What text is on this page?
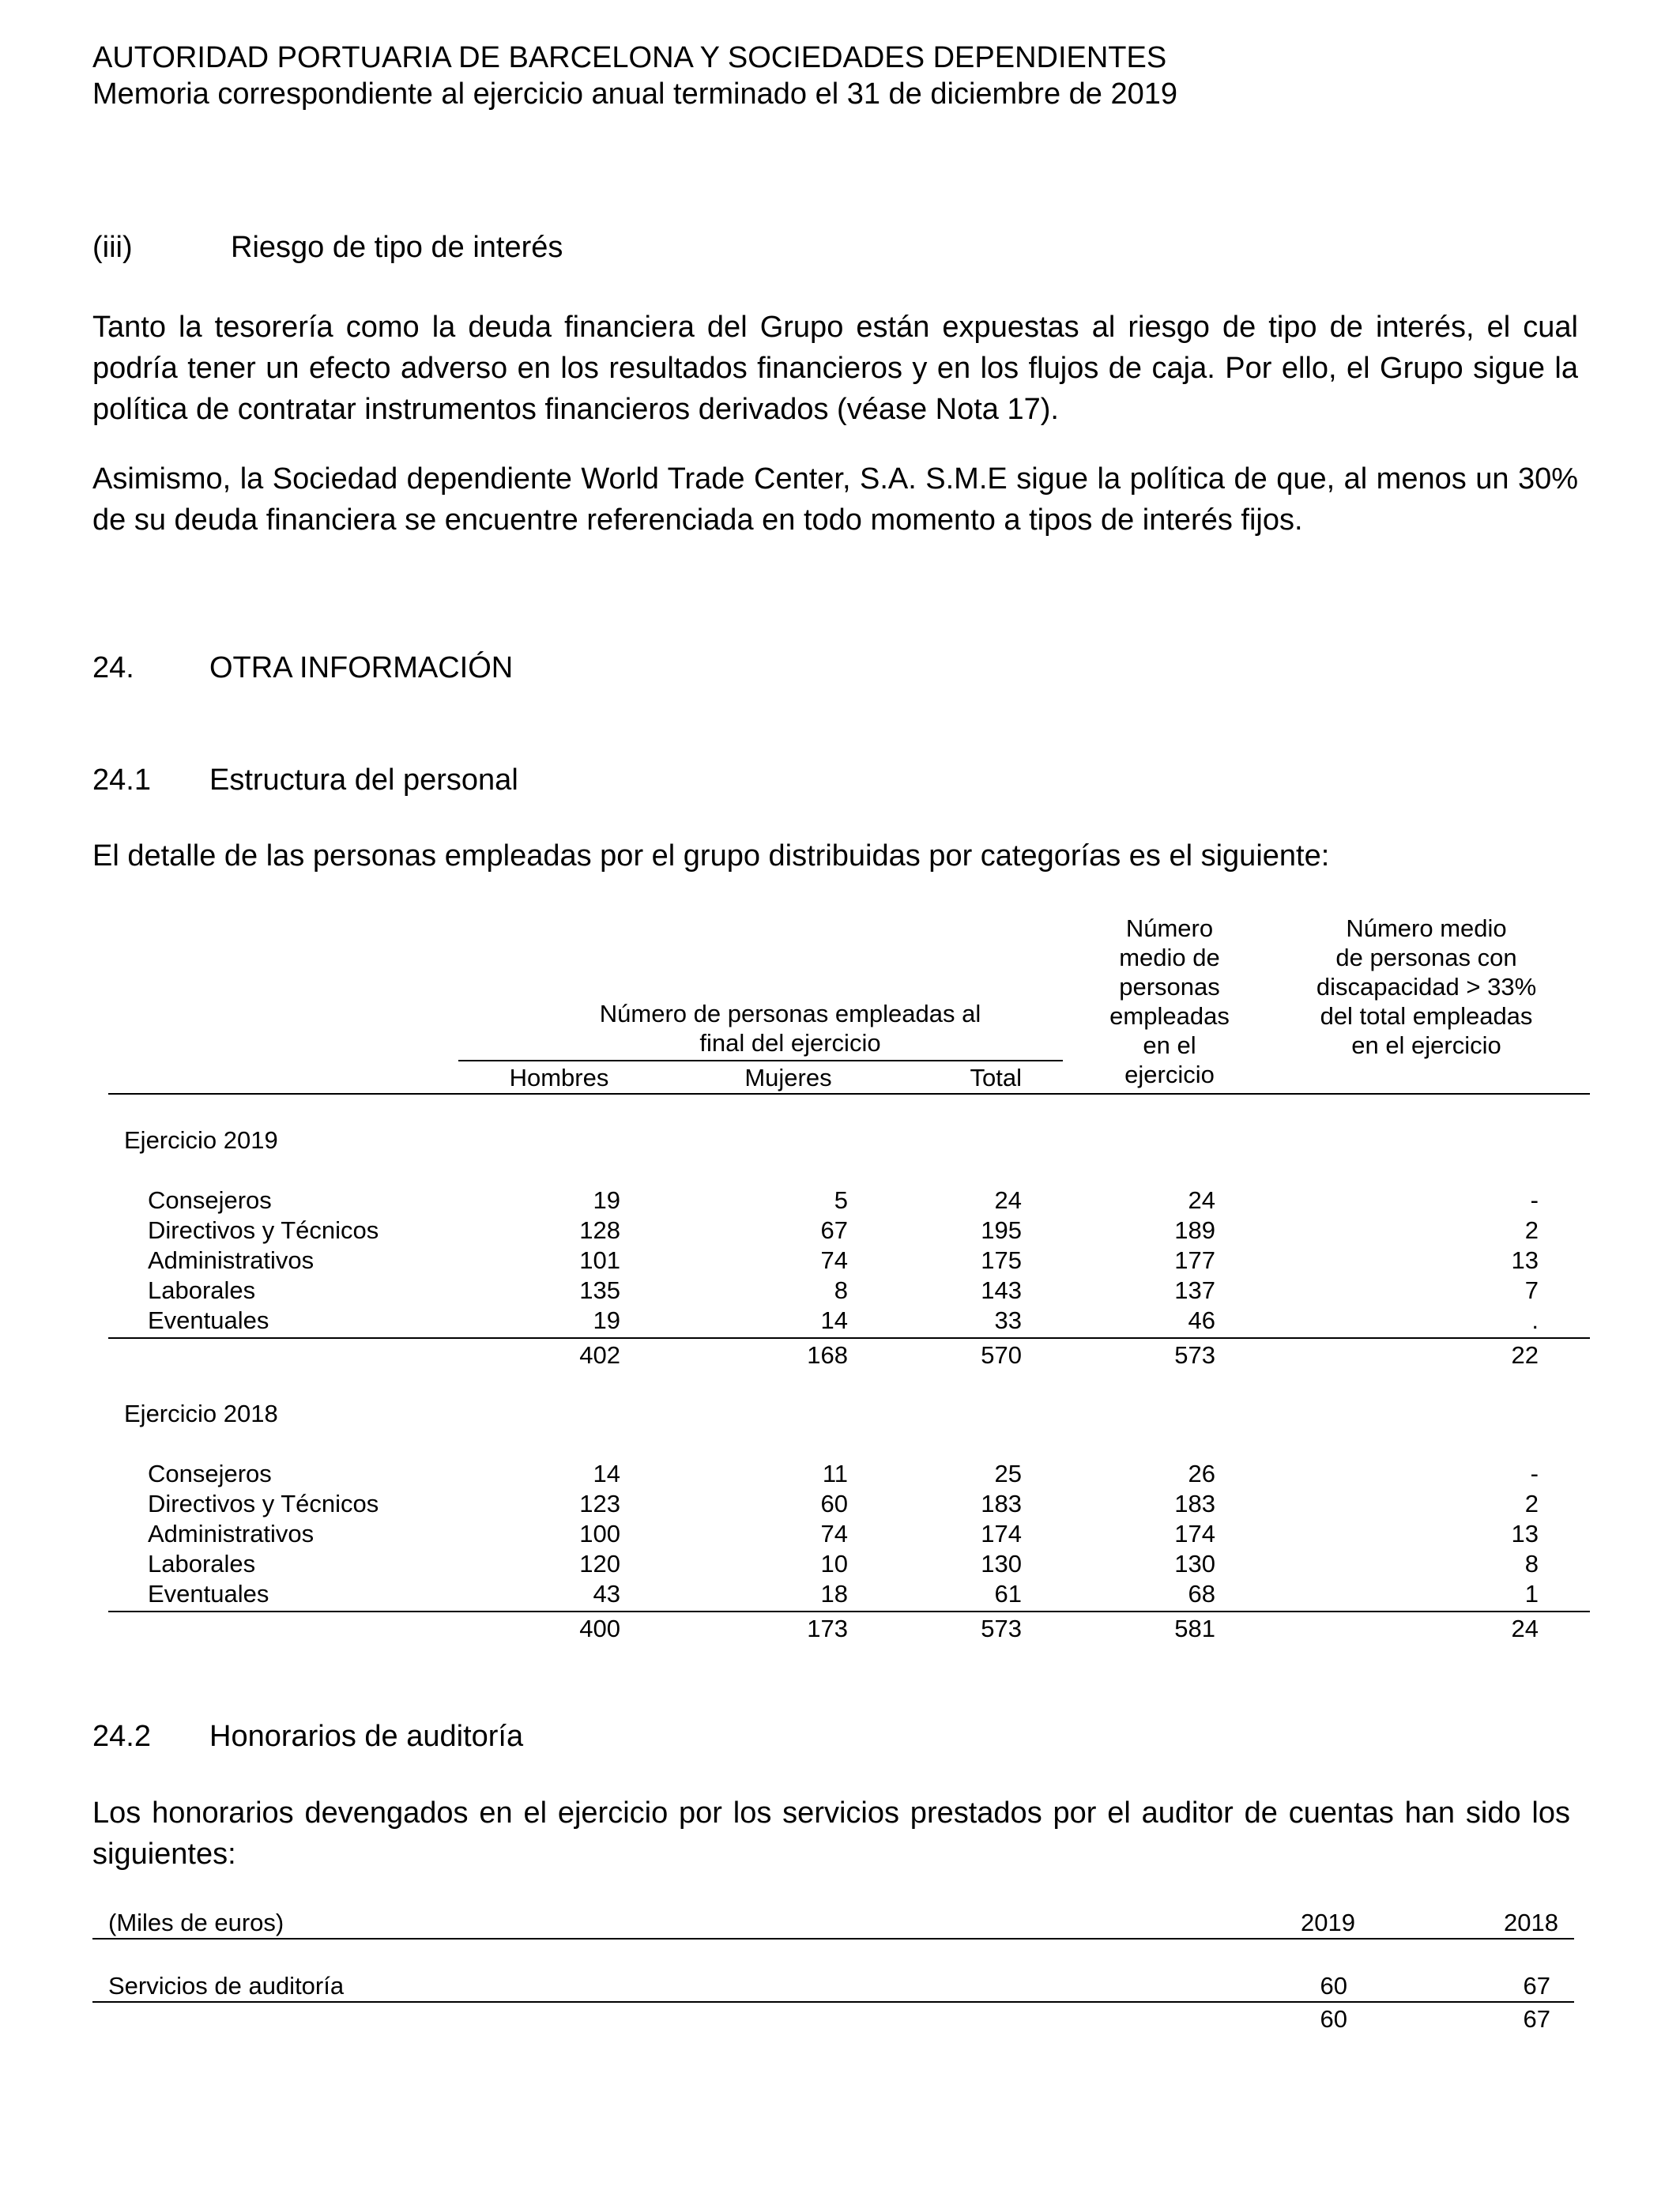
AUTORIDAD PORTUARIA DE BARCELONA Y SOCIEDADES DEPENDIENTES
Memoria correspondiente al ejercicio anual terminado el 31 de diciembre de 2019
(iii)	Riesgo de tipo de interés
Tanto la tesorería como la deuda financiera del Grupo están expuestas al riesgo de tipo de interés, el cual podría tener un efecto adverso en los resultados financieros y en los flujos de caja. Por ello, el Grupo sigue la política de contratar instrumentos financieros derivados (véase Nota 17).
Asimismo, la Sociedad dependiente World Trade Center, S.A. S.M.E sigue la política de que, al menos un 30% de su deuda financiera se encuentre referenciada en todo momento a tipos de interés fijos.
24.	OTRA INFORMACIÓN
24.1 Estructura del personal
El detalle de las personas empleadas por el grupo distribuidas por categorías es el siguiente:
Número de personas empleadas al
final del ejercicio
Hombres	Mujeres	Total
Número
medio de
personas
empleadas
en el
ejercicio
Número medio
de personas con
discapacidad > 33%
del total empleadas
en el ejercicio
Ejercicio 2019
Consejeros	19	5	24	24	-
Directivos y Técnicos	128	67	195	189	2
Administrativos	101	74	175	177	13
Laborales	135	8	143	137	7
Eventuales	19	14	33	46	.
402	168	570	573	22
Ejercicio 2018
Consejeros	14	11	25	26	-
Directivos y Técnicos	123	60	183	183	2
Administrativos	100	74	174	174	13
Laborales	120	10	130	130	8
Eventuales	43	18	61	68	1
400	173	573	581	24
24.2 Honorarios de auditoría
Los honorarios devengados en el ejercicio por los servicios prestados por el auditor de cuentas han sido los siguientes:
(Miles de euros)	2019	2018
Servicios de auditoría	60	67
60	67
